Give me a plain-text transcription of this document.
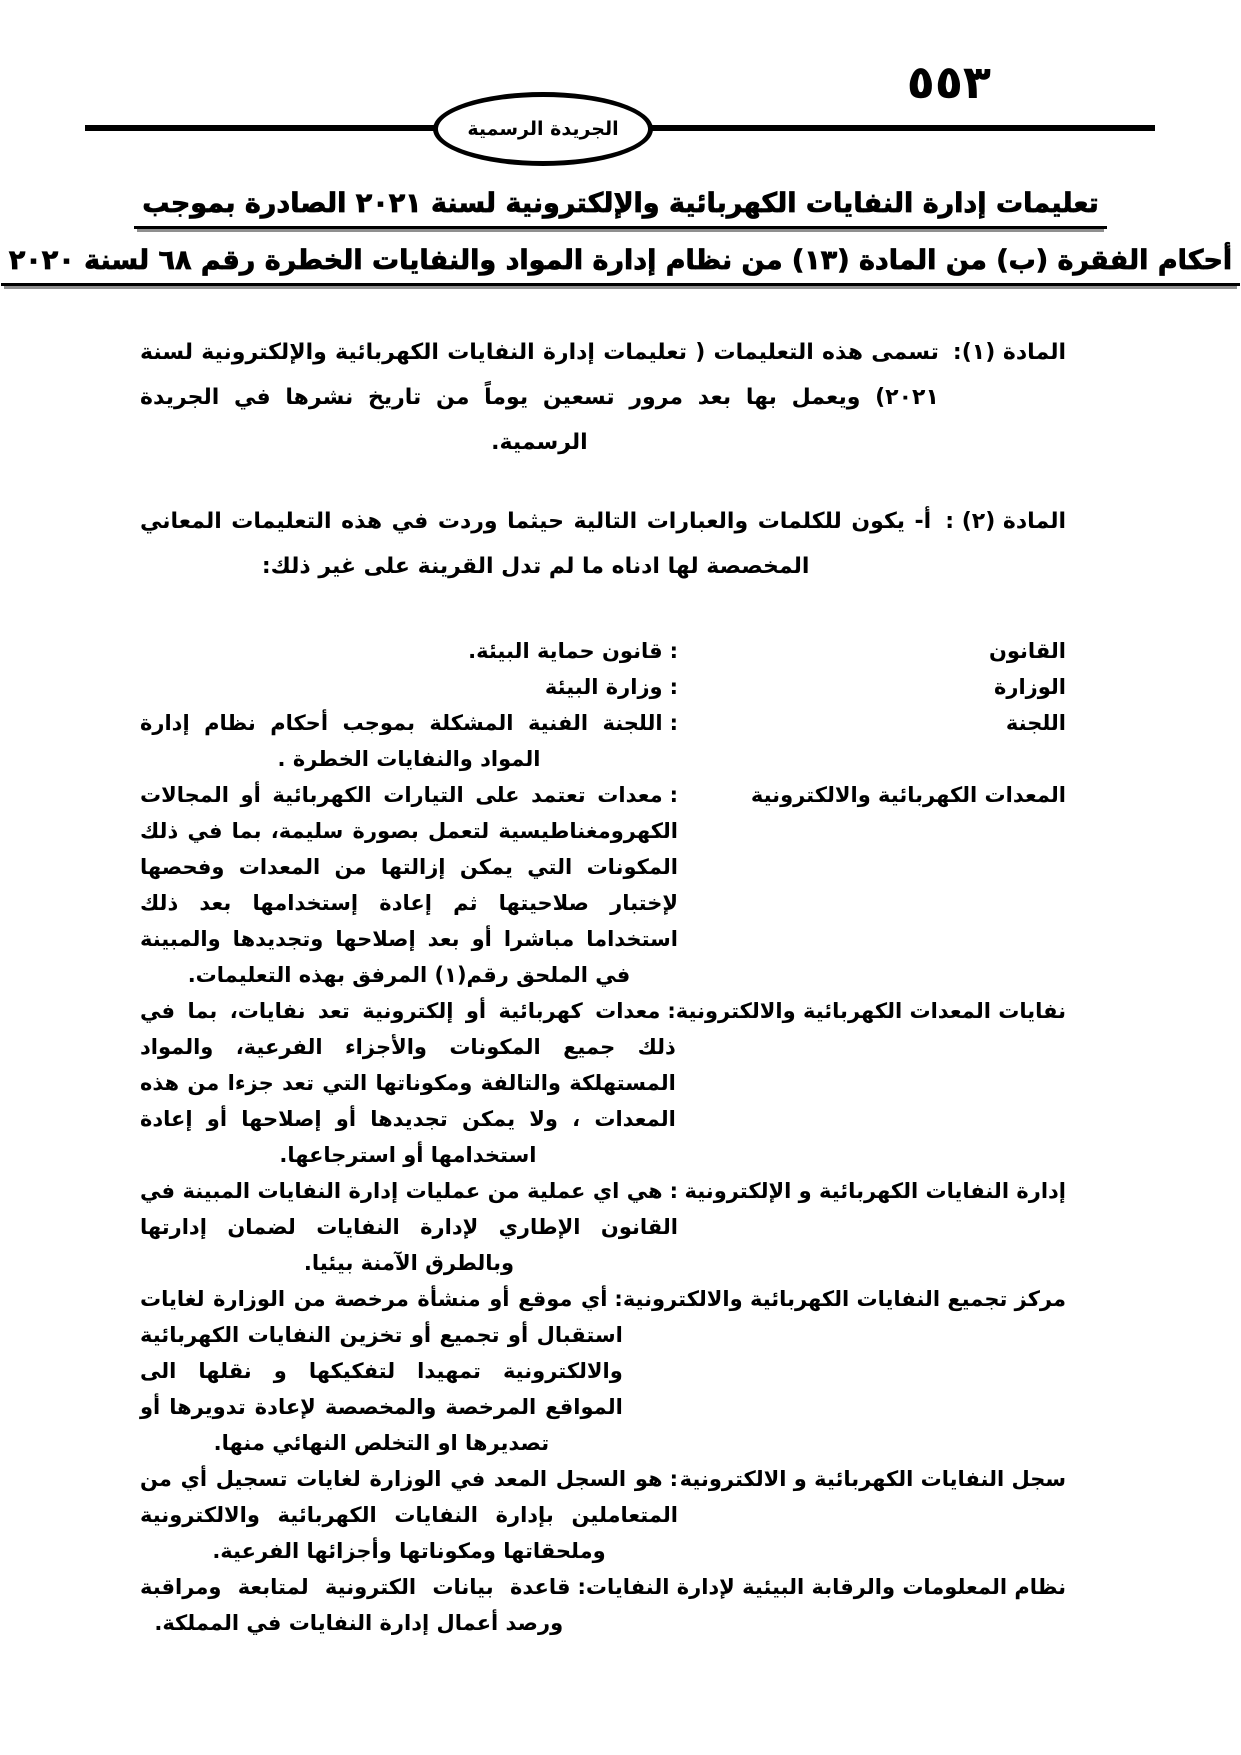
٥٥٣
الجريدة الرسمية
تعليمات إدارة النفايات الكهربائية والإلكترونية لسنة ٢٠٢١ الصادرة بموجب
أحكام الفقرة (ب) من المادة (١٣) من نظام إدارة المواد والنفايات الخطرة رقم ٦٨ لسنة ٢٠٢٠
المادة (١):
تسمى هذه التعليمات ( تعليمات إدارة النفايات الكهربائية والإلكترونية لسنة ٢٠٢١) ويعمل بها بعد مرور تسعين يوماً من تاريخ نشرها في الجريدة الرسمية.
المادة (٢) :
أ- يكون للكلمات والعبارات التالية حيثما وردت في هذه التعليمات المعاني المخصصة لها ادناه ما لم تدل القرينة على غير ذلك:
القانون
:قانون حماية البيئة.
الوزارة
:وزارة البيئة
اللجنة
:اللجنة الفنية المشكلة بموجب أحكام نظام إدارة المواد والنفايات الخطرة .
المعدات الكهربائية والالكترونية
:معدات تعتمد على التيارات الكهربائية أو المجالات الكهرومغناطيسية لتعمل بصورة سليمة، بما في ذلك المكونات التي يمكن إزالتها من المعدات وفحصها لإختبار صلاحيتها ثم إعادة إستخدامها بعد ذلك استخداما مباشرا أو بعد إصلاحها وتجديدها والمبينة في الملحق رقم(١) المرفق بهذه التعليمات.
نفايات المعدات الكهربائية والالكترونية
:معدات كهربائية أو إلكترونية تعد نفايات، بما في ذلك جميع المكونات والأجزاء الفرعية، والمواد المستهلكة والتالفة ومكوناتها التي تعد جزءا من هذه المعدات ، ولا يمكن تجديدها أو إصلاحها أو إعادة استخدامها أو استرجاعها.
إدارة النفايات الكهربائية و الإلكترونية
:هي اي عملية من عمليات إدارة النفايات المبينة في القانون الإطاري لإدارة النفايات لضمان إدارتها وبالطرق الآمنة بيئيا.
مركز تجميع النفايات الكهربائية والالكترونية
:أي موقع أو منشأة مرخصة من الوزارة لغايات استقبال أو تجميع أو تخزين النفايات الكهربائية والالكترونية تمهيدا لتفكيكها و نقلها الى المواقع المرخصة والمخصصة لإعادة تدويرها أو تصديرها او التخلص النهائي منها.
سجل النفايات الكهربائية و الالكترونية
:هو السجل المعد في الوزارة لغايات تسجيل أي من المتعاملين بإدارة النفايات الكهربائية والالكترونية وملحقاتها ومكوناتها وأجزائها الفرعية.
نظام المعلومات والرقابة البيئية لإدارة النفايات:
قاعدة بيانات الكترونية لمتابعة ومراقبة ورصد أعمال إدارة النفايات في المملكة.
